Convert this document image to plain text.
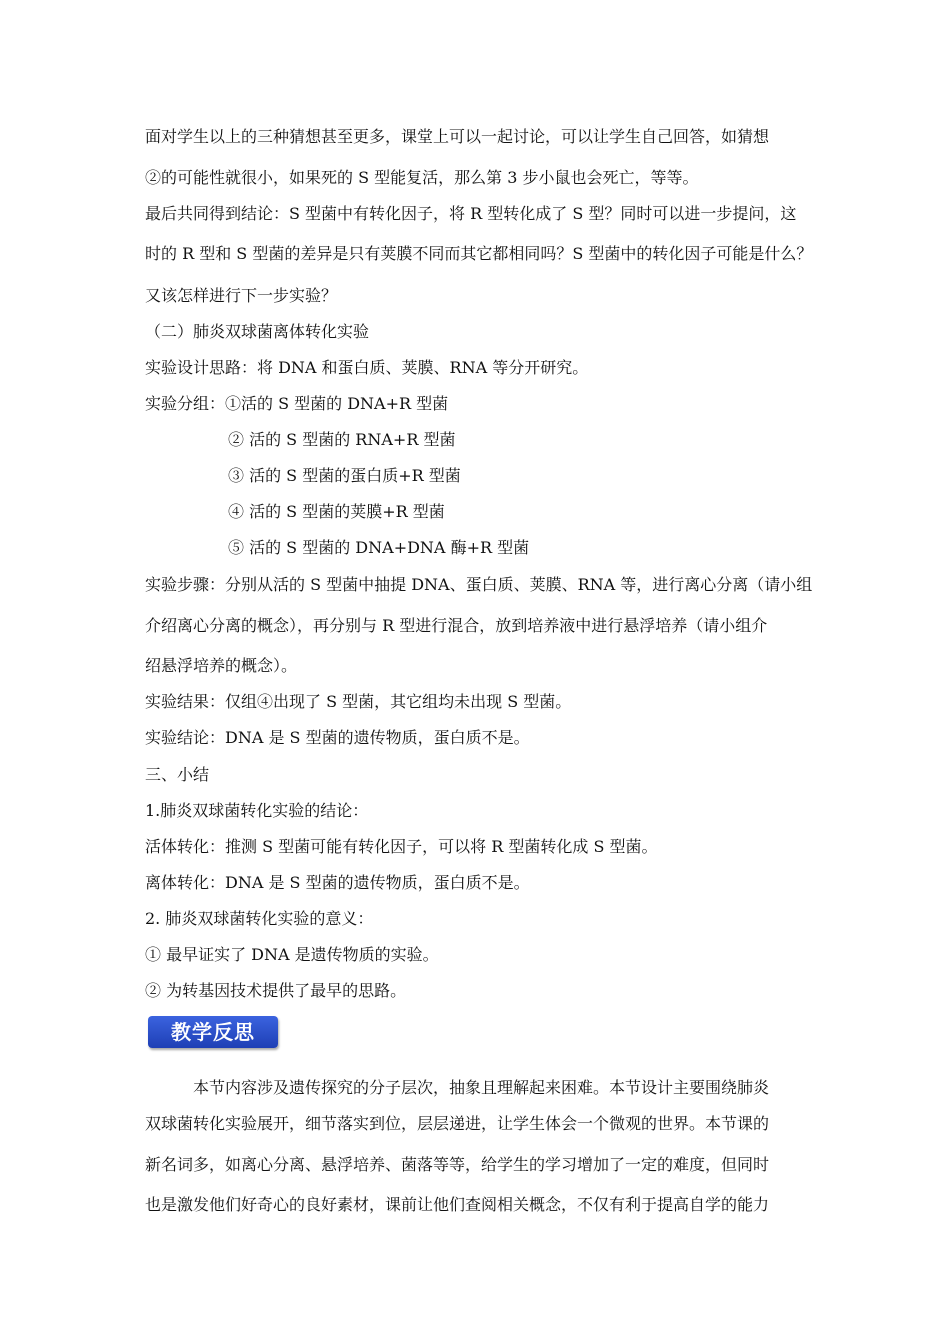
面对学生以上的三种猜想甚至更多，课堂上可以一起讨论，可以让学生自己回答，如猜想
②的可能性就很小，如果死的 S 型能复活，那么第 3 步小鼠也会死亡，等等。
最后共同得到结论：S 型菌中有转化因子，将 R 型转化成了 S 型？同时可以进一步提问，这
时的 R 型和 S 型菌的差异是只有荚膜不同而其它都相同吗？S 型菌中的转化因子可能是什么？
又该怎样进行下一步实验？
（二）肺炎双球菌离体转化实验
实验设计思路：将 DNA 和蛋白质、荚膜、RNA 等分开研究。
实验分组：①活的 S 型菌的 DNA+R 型菌
② 活的 S 型菌的 RNA+R 型菌
③ 活的 S 型菌的蛋白质+R 型菌
④ 活的 S 型菌的荚膜+R 型菌
⑤ 活的 S 型菌的 DNA+DNA 酶+R 型菌
实验步骤：分别从活的 S 型菌中抽提 DNA、蛋白质、荚膜、RNA 等，进行离心分离（请小组
介绍离心分离的概念），再分别与 R 型进行混合，放到培养液中进行悬浮培养（请小组介
绍悬浮培养的概念）。
实验结果：仅组④出现了 S 型菌，其它组均未出现 S 型菌。
实验结论：DNA 是 S 型菌的遗传物质，蛋白质不是。
三、小结
1.肺炎双球菌转化实验的结论：
活体转化：推测 S 型菌可能有转化因子，可以将 R 型菌转化成 S 型菌。
离体转化：DNA 是 S 型菌的遗传物质，蛋白质不是。
2. 肺炎双球菌转化实验的意义：
① 最早证实了 DNA 是遗传物质的实验。
② 为转基因技术提供了最早的思路。
教学反思
本节内容涉及遗传探究的分子层次，抽象且理解起来困难。本节设计主要围绕肺炎
双球菌转化实验展开，细节落实到位，层层递进，让学生体会一个微观的世界。本节课的
新名词多，如离心分离、悬浮培养、菌落等等，给学生的学习增加了一定的难度，但同时
也是激发他们好奇心的良好素材，课前让他们查阅相关概念，不仅有利于提高自学的能力
